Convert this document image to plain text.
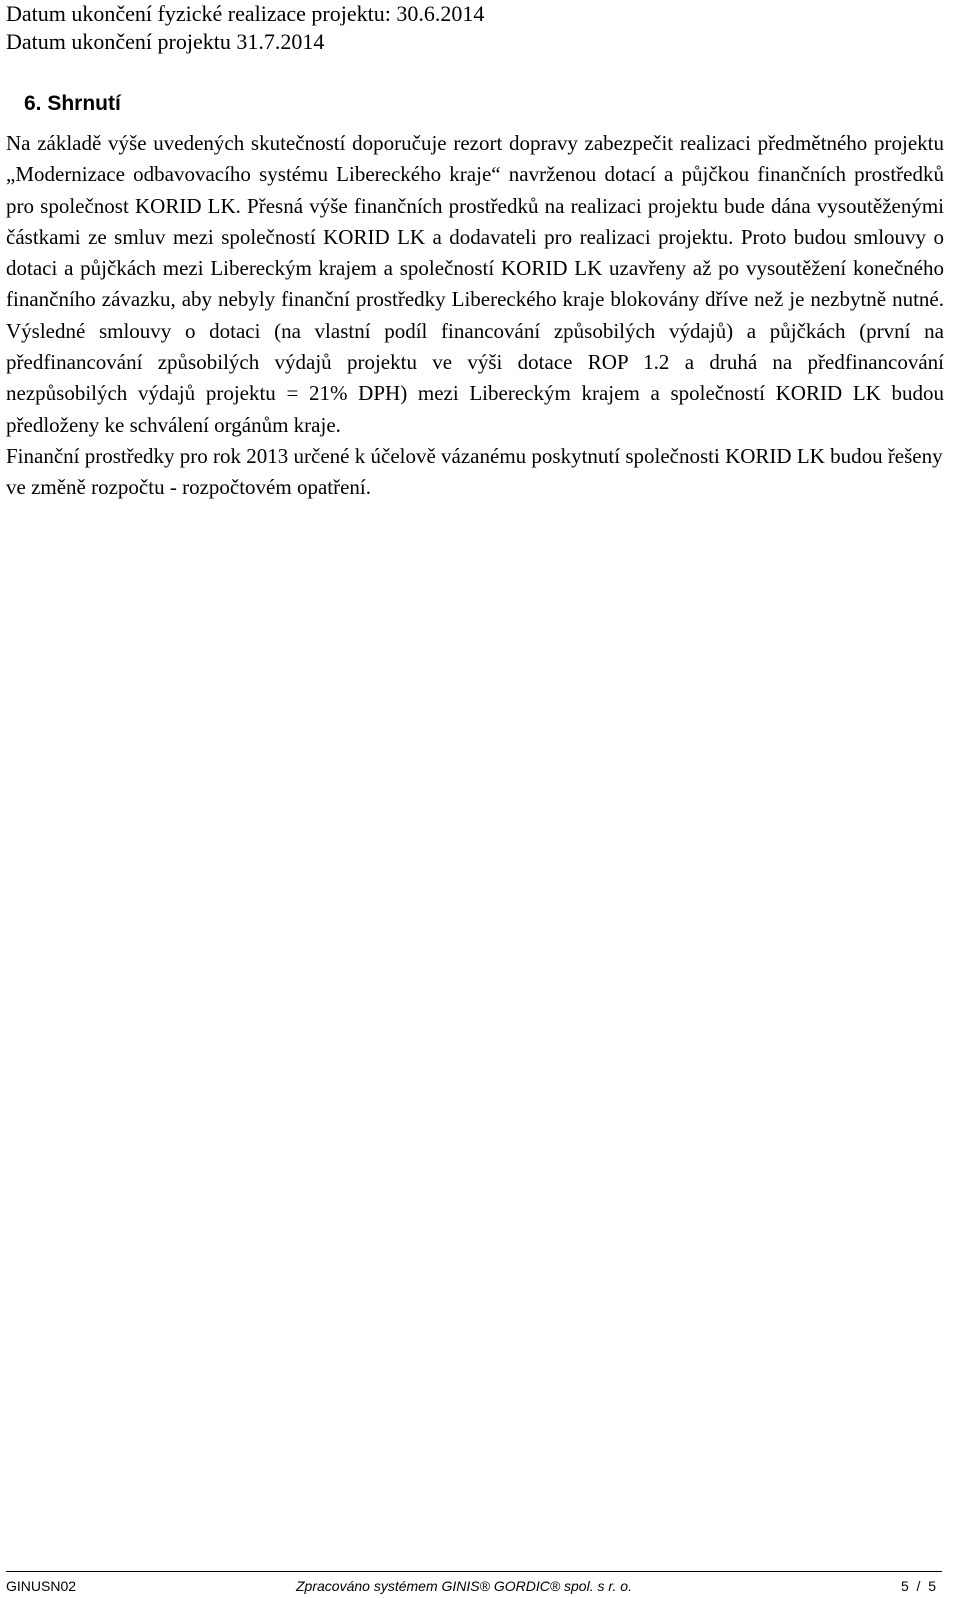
Datum ukončení fyzické realizace projektu: 30.6.2014
Datum ukončení projektu 31.7.2014
6. Shrnutí

Na základě výše uvedených skutečností doporučuje rezort dopravy zabezpečit realizaci předmětného projektu „Modernizace odbavovacího systému Libereckého kraje“ navrženou dotací a půjčkou finančních prostředků pro společnost KORID LK. Přesná výše finančních prostředků na realizaci projektu bude dána vysoutěženými částkami ze smluv mezi společností KORID LK a dodavateli pro realizaci projektu. Proto budou smlouvy o dotaci a půjčkách mezi Libereckým krajem a společností KORID LK uzavřeny až po vysoutěžení konečného finančního závazku, aby nebyly finanční prostředky Libereckého kraje blokovány dříve než je nezbytně nutné. Výsledné smlouvy o dotaci (na vlastní podíl financování způsobilých výdajů) a půjčkách (první na předfinancování způsobilých výdajů projektu ve výši dotace ROP 1.2 a druhá na předfinancování nezpůsobilých výdajů projektu = 21% DPH) mezi Libereckým krajem a společností KORID LK budou předloženy ke schválení orgánům kraje.

Finanční prostředky pro rok 2013 určené k účelově vázanému poskytnutí společnosti KORID LK budou řešeny ve změně rozpočtu - rozpočtovém opatření.

GINUSN02	Zpracováno systémem GINIS® GORDIC® spol. s r. o.	5  /  5
